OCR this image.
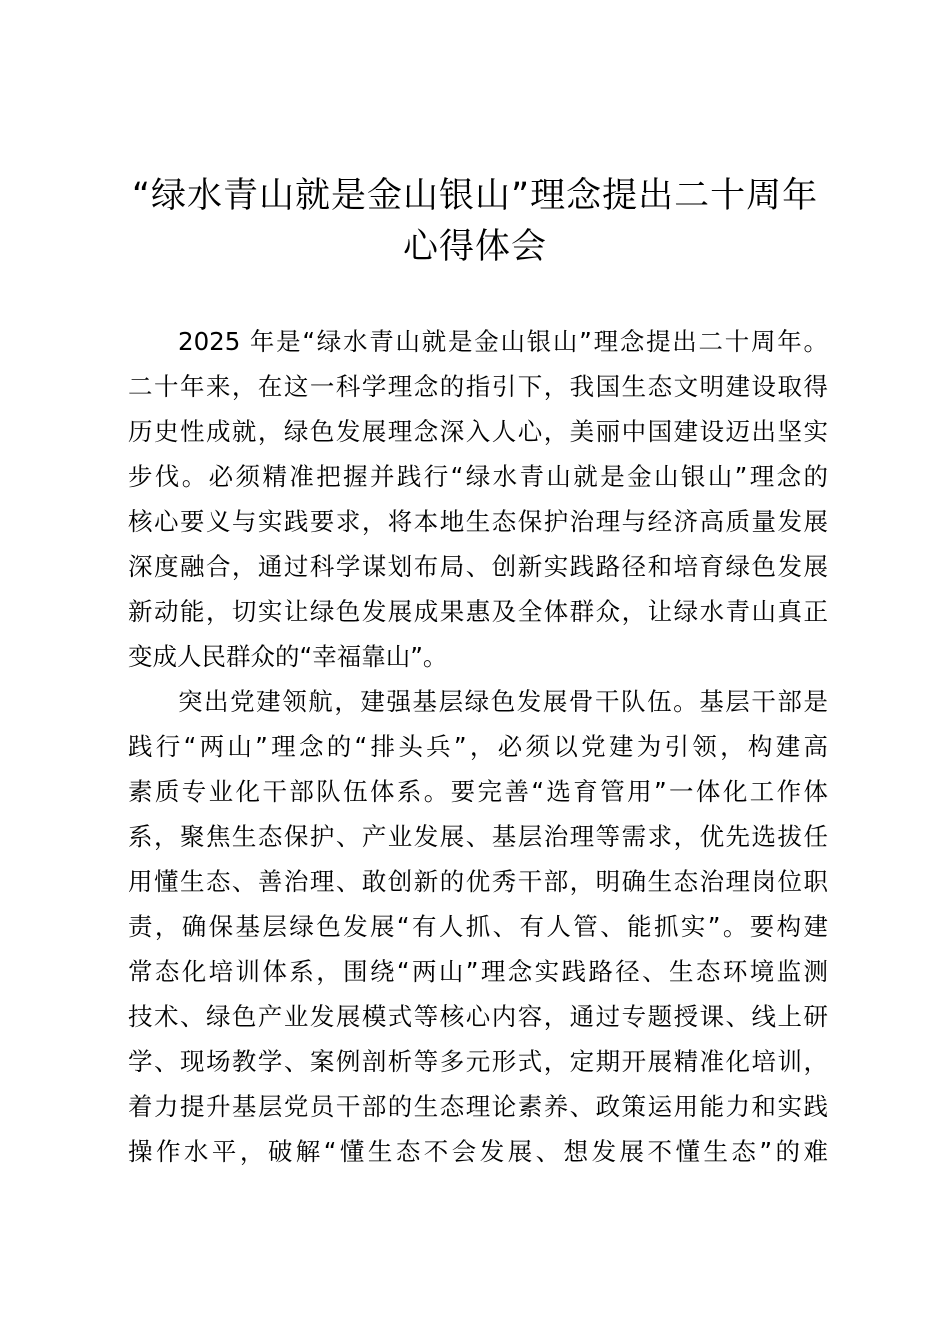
“绿水青山就是金山银山”理念提出二十周年
心得体会
2025 年是“绿水青山就是金山银山”理念提出二十周年。
二十年来，在这一科学理念的指引下，我国生态文明建设取得
历史性成就，绿色发展理念深入人心，美丽中国建设迈出坚实
步伐。必须精准把握并践行“绿水青山就是金山银山”理念的
核心要义与实践要求，将本地生态保护治理与经济高质量发展
深度融合，通过科学谋划布局、创新实践路径和培育绿色发展
新动能，切实让绿色发展成果惠及全体群众，让绿水青山真正
变成人民群众的“幸福靠山”。
突出党建领航，建强基层绿色发展骨干队伍。基层干部是
践行“两山”理念的“排头兵”，必须以党建为引领，构建高
素质专业化干部队伍体系。要完善“选育管用”一体化工作体
系，聚焦生态保护、产业发展、基层治理等需求，优先选拔任
用懂生态、善治理、敢创新的优秀干部，明确生态治理岗位职
责，确保基层绿色发展“有人抓、有人管、能抓实”。要构建
常态化培训体系，围绕“两山”理念实践路径、生态环境监测
技术、绿色产业发展模式等核心内容，通过专题授课、线上研
学、现场教学、案例剖析等多元形式，定期开展精准化培训，
着力提升基层党员干部的生态理论素养、政策运用能力和实践
操作水平，破解“懂生态不会发展、想发展不懂生态”的难
